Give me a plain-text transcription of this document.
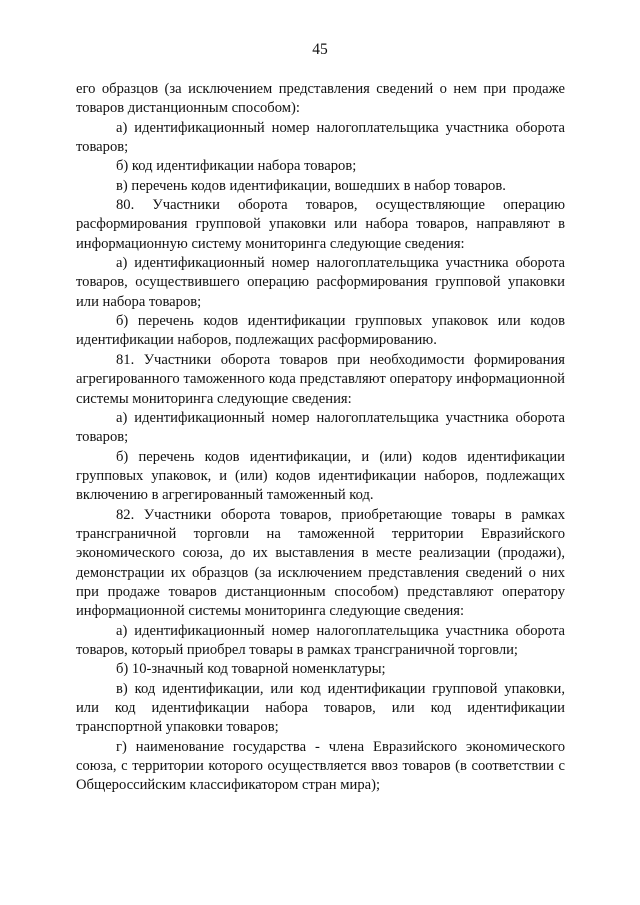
45

его образцов (за исключением представления сведений о нем при продаже товаров дистанционным способом):

а) идентификационный номер налогоплательщика участника оборота товаров;

б) код идентификации набора товаров;

в) перечень кодов идентификации, вошедших в набор товаров.

80. Участники оборота товаров, осуществляющие операцию расформирования групповой упаковки или набора товаров, направляют в информационную систему мониторинга следующие сведения:

а) идентификационный номер налогоплательщика участника оборота товаров, осуществившего операцию расформирования групповой упаковки или набора товаров;

б) перечень кодов идентификации групповых упаковок или кодов идентификации наборов, подлежащих расформированию.

81. Участники оборота товаров при необходимости формирования агрегированного таможенного кода представляют оператору информационной системы мониторинга следующие сведения:

а) идентификационный номер налогоплательщика участника оборота товаров;

б) перечень кодов идентификации, и (или) кодов идентификации групповых упаковок, и (или) кодов идентификации наборов, подлежащих включению в агрегированный таможенный код.

82. Участники оборота товаров, приобретающие товары в рамках трансграничной торговли на таможенной территории Евразийского экономического союза, до их выставления в месте реализации (продажи), демонстрации их образцов (за исключением представления сведений о них при продаже товаров дистанционным способом) представляют оператору информационной системы мониторинга следующие сведения:

а) идентификационный номер налогоплательщика участника оборота товаров, который приобрел товары в рамках трансграничной торговли;

б) 10-значный код товарной номенклатуры;

в) код идентификации, или код идентификации групповой упаковки, или код идентификации набора товаров, или код идентификации транспортной упаковки товаров;

г) наименование государства - члена Евразийского экономического союза, с территории которого осуществляется ввоз товаров (в соответствии с Общероссийским классификатором стран мира);
